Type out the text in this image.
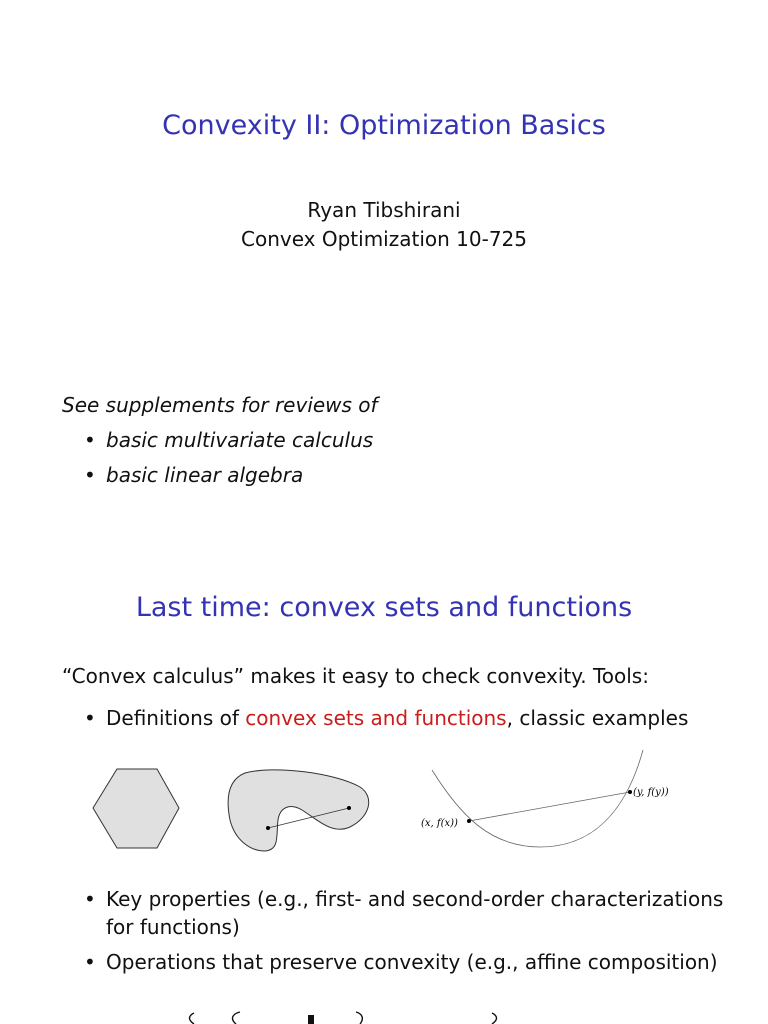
Convexity II: Optimization Basics
Ryan Tibshirani
Convex Optimization 10-725
See supplements for reviews of
• basic multivariate calculus
• basic linear algebra
Last time: convex sets and functions
“Convex calculus” makes it easy to check convexity. Tools:
• Definitions of convex sets and functions, classic examples
(y, f(y))
(x, f(x))
• Key properties (e.g., first- and second-order characterizations
for functions)
• Operations that preserve convexity (e.g., affine composition)
